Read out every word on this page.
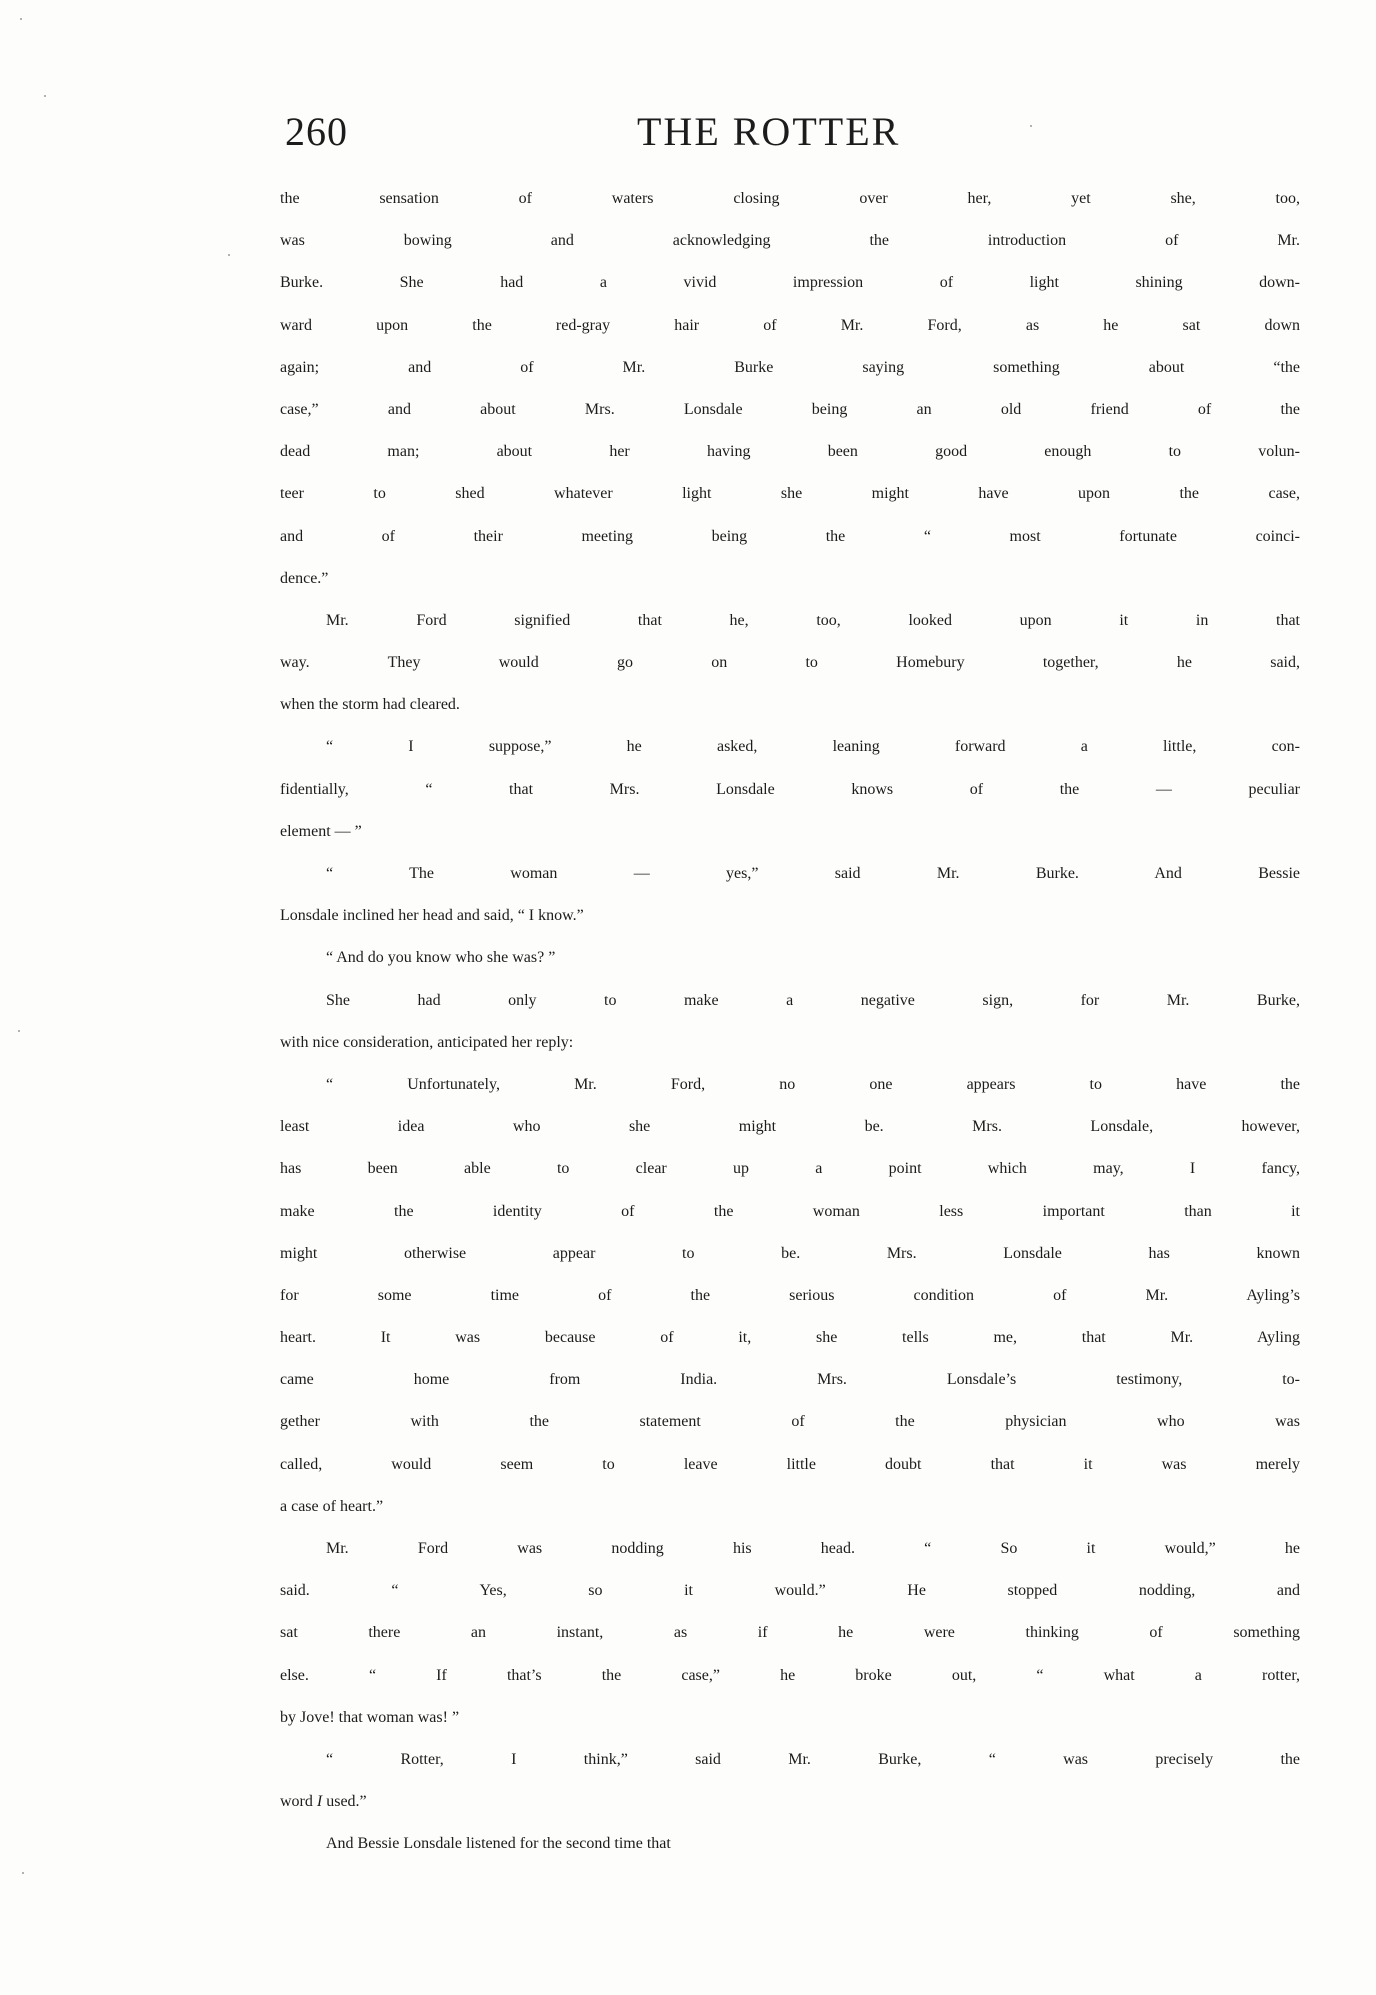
260	THE ROTTER
the sensation of waters closing over her, yet she, too,
was bowing and acknowledging the introduction of Mr.
Burke. She had a vivid impression of light shining down-
ward upon the red-gray hair of Mr. Ford, as he sat down
again; and of Mr. Burke saying something about “the
case,” and about Mrs. Lonsdale being an old friend of the
dead man; about her having been good enough to volun-
teer to shed whatever light she might have upon the case,
and of their meeting being the “ most fortunate coinci-
dence.”
Mr. Ford signified that he, too, looked upon it in that
way. They would go on to Homebury together, he said,
when the storm had cleared.
“ I suppose,” he asked, leaning forward a little, con-
fidentially, “ that Mrs. Lonsdale knows of the — peculiar
element — ”
“ The woman — yes,” said Mr. Burke. And Bessie
Lonsdale inclined her head and said, “ I know.”
“ And do you know who she was? ”
She had only to make a negative sign, for Mr. Burke,
with nice consideration, anticipated her reply:
“ Unfortunately, Mr. Ford, no one appears to have the
least idea who she might be. Mrs. Lonsdale, however,
has been able to clear up a point which may, I fancy,
make the identity of the woman less important than it
might otherwise appear to be. Mrs. Lonsdale has known
for some time of the serious condition of Mr. Ayling’s
heart. It was because of it, she tells me, that Mr. Ayling
came home from India. Mrs. Lonsdale’s testimony, to-
gether with the statement of the physician who was
called, would seem to leave little doubt that it was merely
a case of heart.”
Mr. Ford was nodding his head. “ So it would,” he
said. “ Yes, so it would.” He stopped nodding, and
sat there an instant, as if he were thinking of something
else. “ If that’s the case,” he broke out, “ what a rotter,
by Jove! that woman was! ”
“ Rotter, I think,” said Mr. Burke, “ was precisely the
word I used.”
And Bessie Lonsdale listened for the second time that
